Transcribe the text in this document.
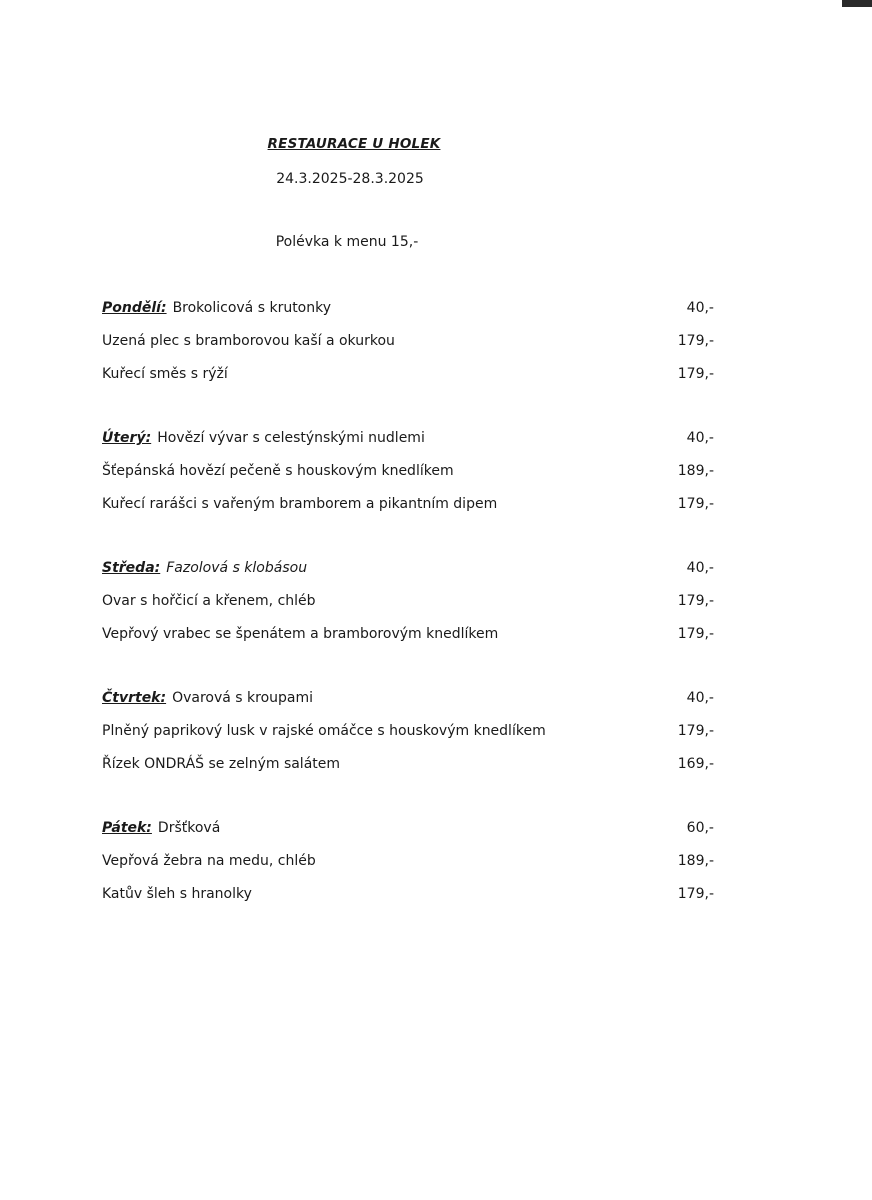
RESTAURACE U HOLEK
24.3.2025-28.3.2025
Polévka k menu 15,-
Pondělí: Brokolicová s krutonky	40,-
Uzená plec s bramborovou kaší a okurkou	179,-
Kuřecí směs s rýží	179,-
Úterý: Hovězí vývar s celestýnskými nudlemi	40,-
Šťepánská hovězí pečeně s houskovým knedlíkem	189,-
Kuřecí rarášci s vařeným bramborem a pikantním dipem	179,-
Středa: Fazolová s klobásou	40,-
Ovar s hořčicí a křenem, chléb	179,-
Vepřový vrabec se špenátem a bramborovým knedlíkem	179,-
Čtvrtek: Ovarová s kroupami	40,-
Plněný paprikový lusk v rajské omáčce s houskovým knedlíkem	179,-
Řízek ONDRÁŠ se zelným salátem	169,-
Pátek: Dršťková	60,-
Vepřová žebra na medu, chléb	189,-
Katův šleh s hranolky	179,-
